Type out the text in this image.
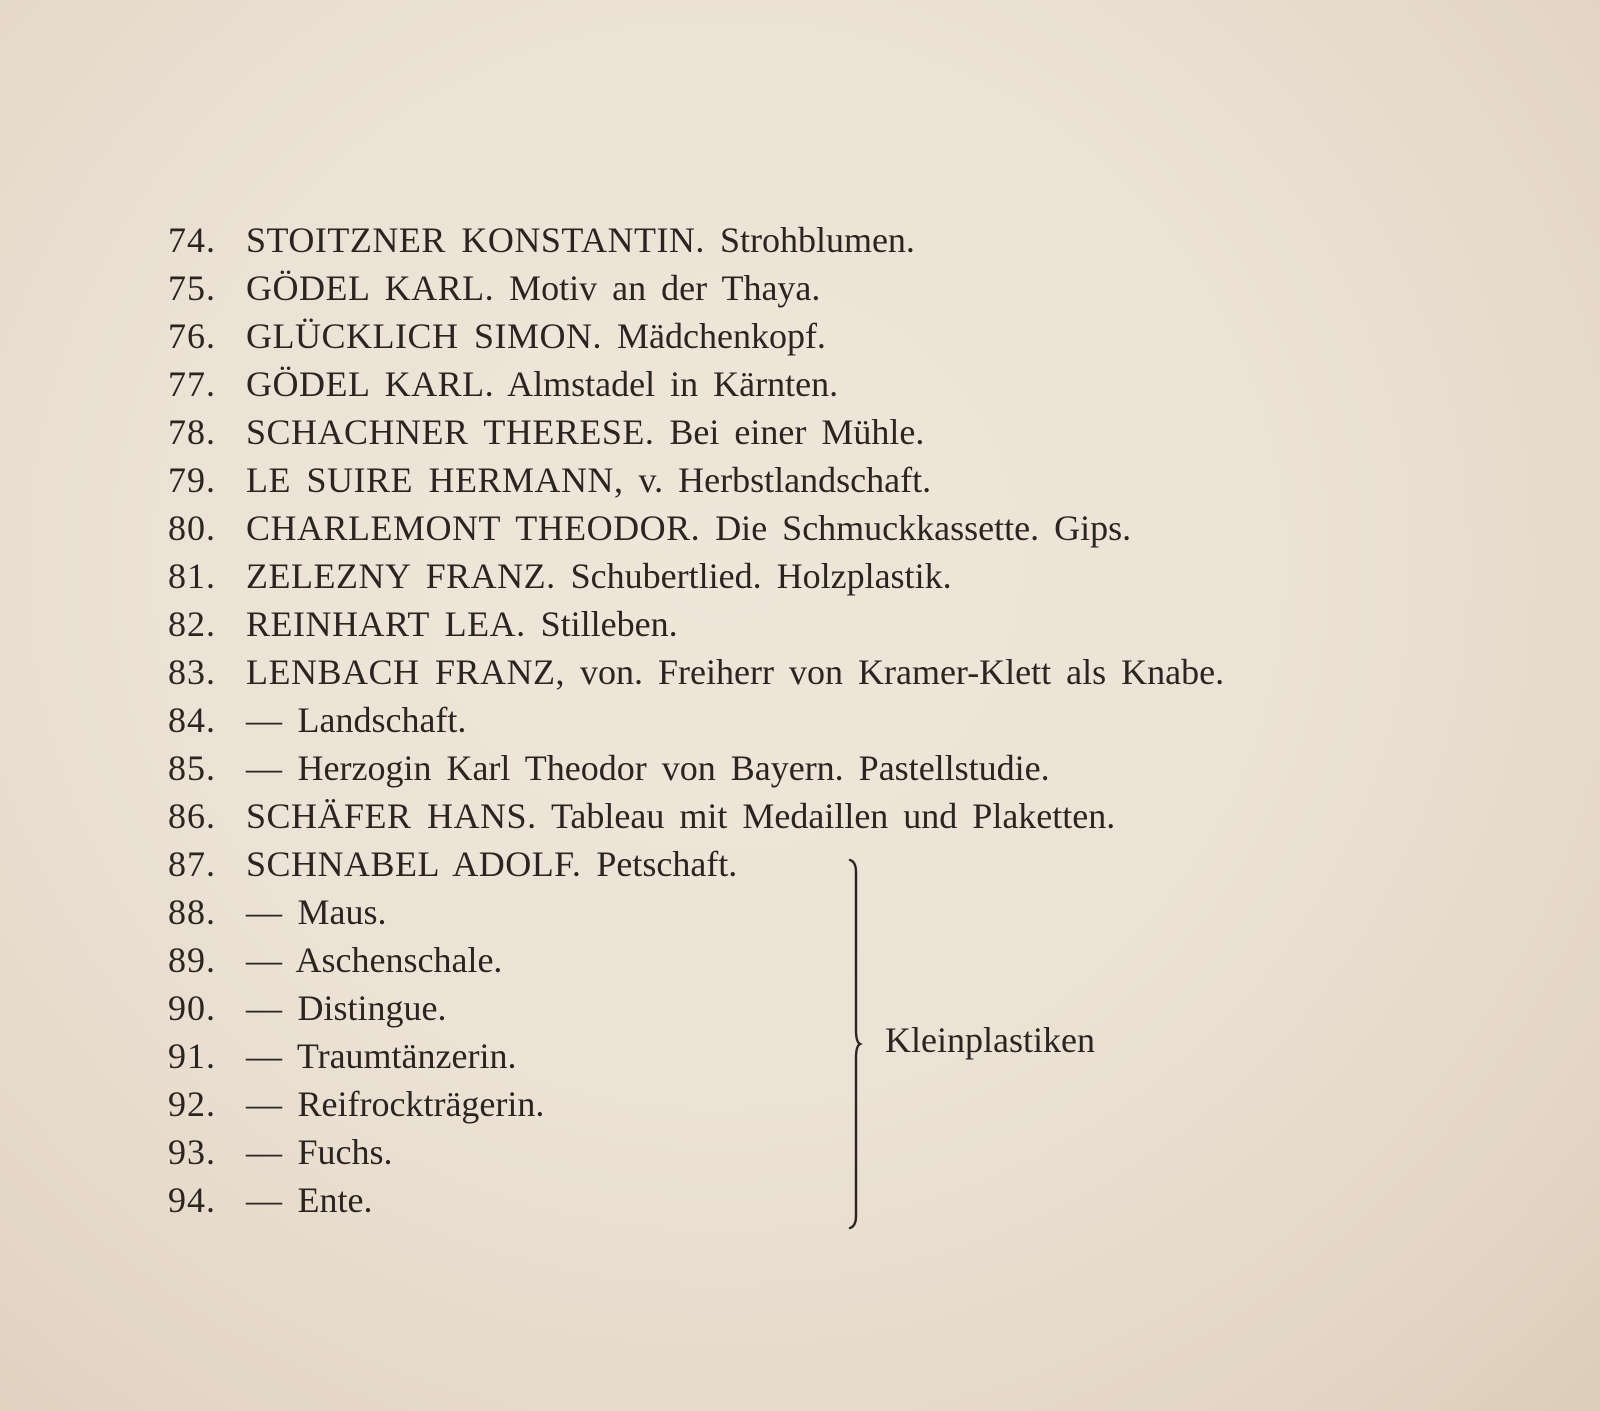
74. STOITZNER KONSTANTIN. Strohblumen.
75. GÖDEL KARL. Motiv an der Thaya.
76. GLÜCKLICH SIMON. Mädchenkopf.
77. GÖDEL KARL. Almstadel in Kärnten.
78. SCHACHNER THERESE. Bei einer Mühle.
79. LE SUIRE HERMANN, v. Herbstlandschaft.
80. CHARLEMONT THEODOR. Die Schmuckkassette. Gips.
81. ZELEZNY FRANZ. Schubertlied. Holzplastik.
82. REINHART LEA. Stilleben.
83. LENBACH FRANZ, von. Freiherr von Kramer-Klett als Knabe.
84. — Landschaft.
85. — Herzogin Karl Theodor von Bayern. Pastellstudie.
86. SCHÄFER HANS. Tableau mit Medaillen und Plaketten.
87. SCHNABEL ADOLF. Petschaft.
88. — Maus.
89. — Aschenschale.
90. — Distingue.
91. — Traumtänzerin.
92. — Reifrockträgerin.
93. — Fuchs.
94. — Ente.
Kleinplastiken
